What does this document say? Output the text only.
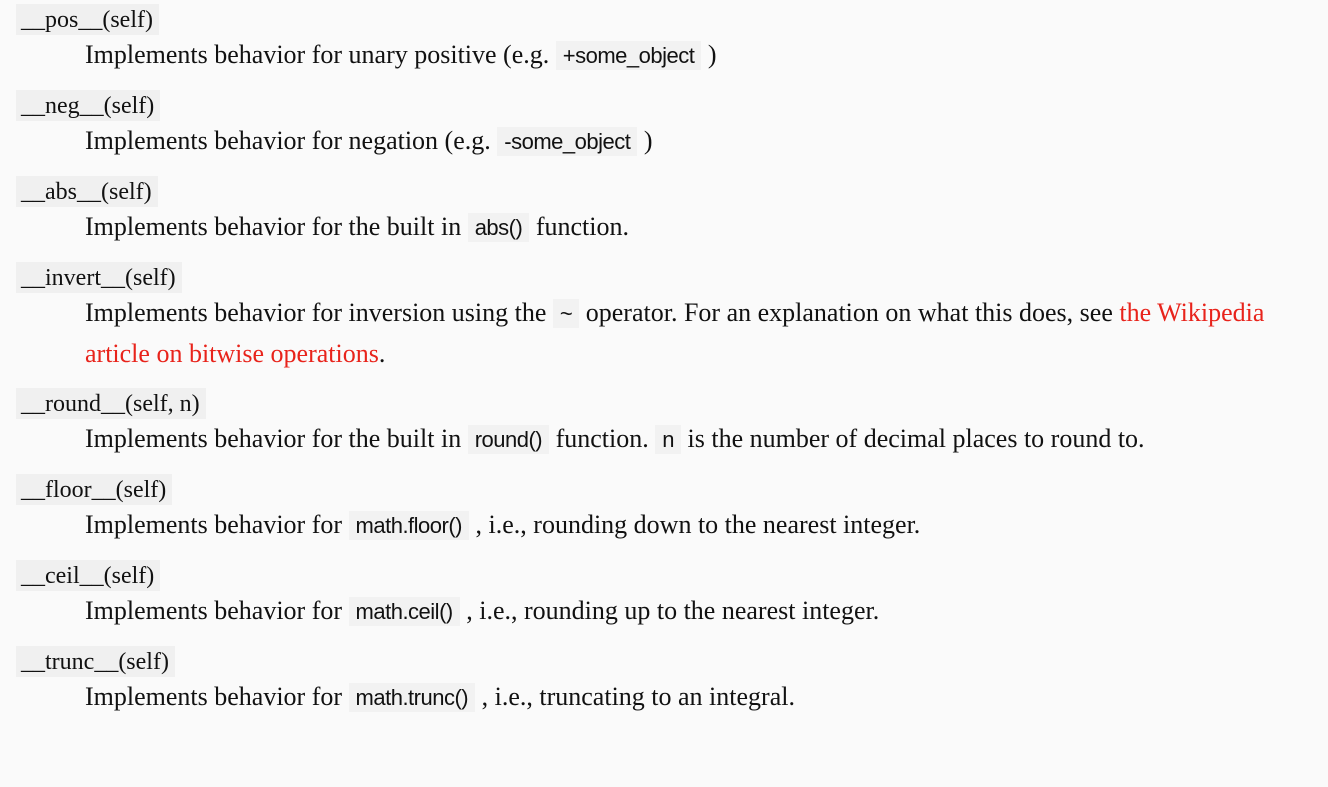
__pos__(self)
Implements behavior for unary positive (e.g. +some_object )
__neg__(self)
Implements behavior for negation (e.g. -some_object )
__abs__(self)
Implements behavior for the built in abs() function.
__invert__(self)
Implements behavior for inversion using the ~ operator. For an explanation on what this does, see the Wikipedia article on bitwise operations.
__round__(self, n)
Implements behavior for the built in round() function. n is the number of decimal places to round to.
__floor__(self)
Implements behavior for math.floor() , i.e., rounding down to the nearest integer.
__ceil__(self)
Implements behavior for math.ceil() , i.e., rounding up to the nearest integer.
__trunc__(self)
Implements behavior for math.trunc() , i.e., truncating to an integral.
